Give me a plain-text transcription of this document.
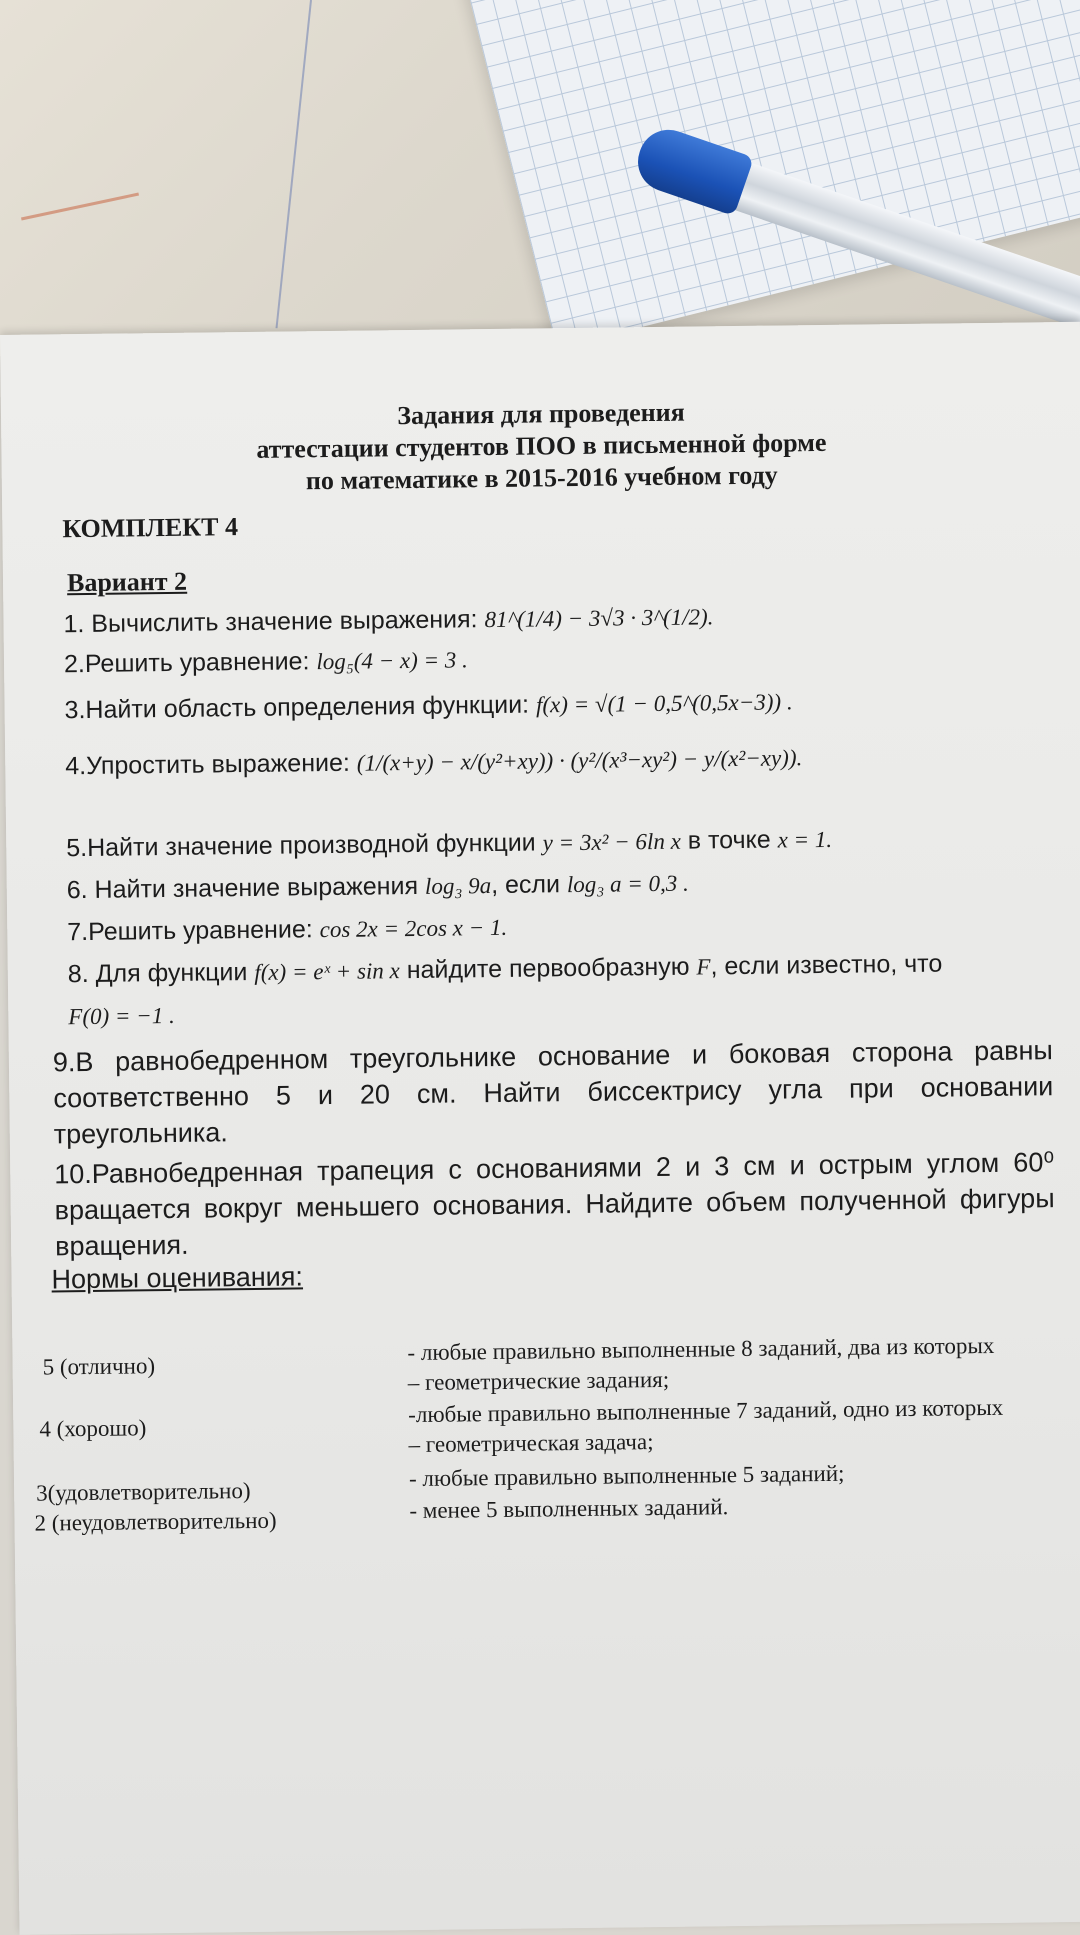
Задания для проведения
аттестации студентов ПОО в письменной форме
по математике в 2015-2016 учебном году
КОМПЛЕКТ 4
Вариант 2
1. Вычислить значение выражения: 81^(1/4) − 3√3 · 3^(1/2).
2.Решить уравнение: log₅(4 − x) = 3 .
3.Найти область определения функции: f(x) = √(1 − 0,5^(0,5x−3)) .
4.Упростить выражение: (1/(x+y) − x/(y²+xy)) · (y²/(x³−xy²) − y/(x²−xy)).
5.Найти значение производной функции y = 3x² − 6ln x в точке x = 1.
6. Найти значение выражения log₃ 9a, если log₃ a = 0,3 .
7.Решить уравнение: cos 2x = 2cos x − 1.
8. Для функции f(x) = eˣ + sin x найдите первообразную F, если известно, что
F(0) = −1 .
9.В равнобедренном треугольнике основание и боковая сторона равны соответственно 5 и 20 см. Найти биссектрису угла при основании треугольника.
10.Равнобедренная трапеция с основаниями 2 и 3 см и острым углом 60⁰ вращается вокруг меньшего основания. Найдите объем полученной фигуры вращения.
Нормы оценивания:
5 (отлично)
- любые правильно выполненные 8 заданий, два из которых – геометрические задания;
4 (хорошо)
-любые правильно выполненные 7 заданий, одно из которых – геометрическая задача;
3(удовлетворительно)
- любые правильно выполненные 5 заданий;
2 (неудовлетворительно)	- менее 5 выполненных заданий.
